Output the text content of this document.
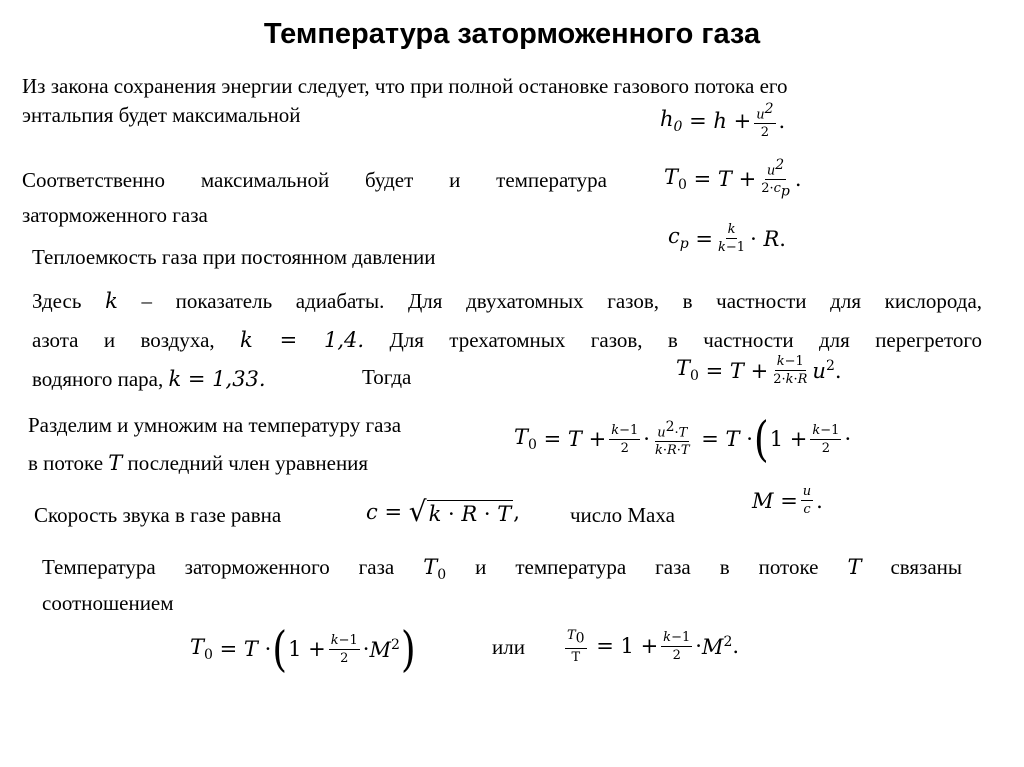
Температура заторможенного газа
Из закона сохранения энергии следует, что при полной остановке газового потока его
энтальпия будет максимальной	$h_0 = h + \frac{u^2}{2}$ .
Соответственно максимальной будет и температура
заторможенного газа
$T_0 = T + \frac{u^2}{2\cdot c_p}$ .
$c_p = \frac{k}{k-1} \cdot R$ .
Теплоемкость газа при постоянном давлении
Здесь k – показатель адиабаты. Для двухатомных газов, в частности для кислорода,
азота и воздуха, k = 1,4. Для трехатомных газов, в частности для перегретого
водяного пара, k = 1,33.	Тогда	$T_0 = T + \frac{k-1}{2\cdot k\cdot R} u^2$ .
Разделим и умножим на температуру газа
в потоке T последний член уравнения
$T_0 = T + \frac{k-1}{2} \cdot \frac{u^2\cdot T}{k\cdot R\cdot T} = T$ · ( $1 + \frac{k-1}{2}$ ·
Скорость звука в газе равна	c = √ k · R · T , число Маха
$M = \frac{u}{c}$ .
Температура заторможенного газа $T_0$ и температура газа в потоке T связаны
соотношением
$T_0 = T$ · ( $1 + \frac{k-1}{2} \cdot M^2$ )	или	$\frac{T_0}{T} = 1 + \frac{k-1}{2} \cdot M^2$ .
